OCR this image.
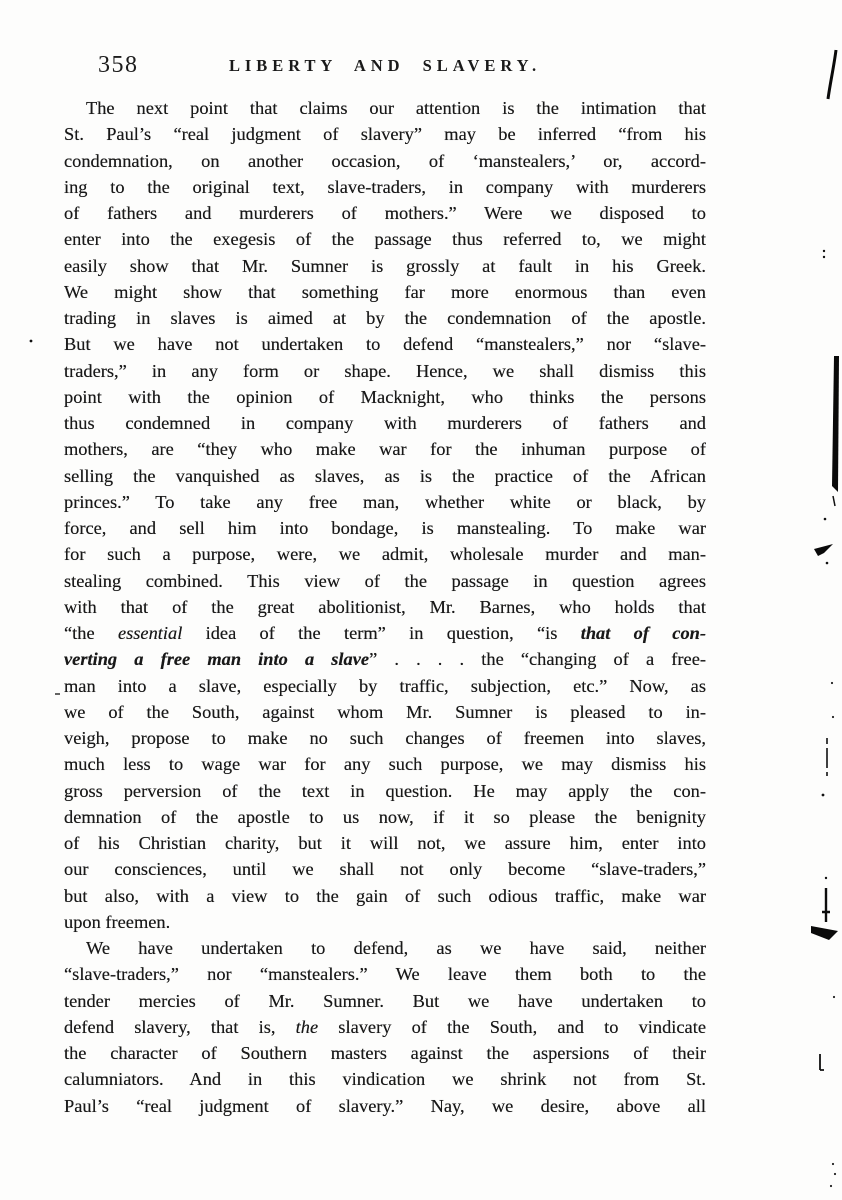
358	LIBERTY AND SLAVERY.
The next point that claims our attention is the intimation that
St. Paul’s “real judgment of slavery” may be inferred “from his
condemnation, on another occasion, of ‘manstealers,’ or, accord-
ing to the original text, slave-traders, in company with murderers
of fathers and murderers of mothers.” Were we disposed to
enter into the exegesis of the passage thus referred to, we might
easily show that Mr. Sumner is grossly at fault in his Greek.
We might show that something far more enormous than even
trading in slaves is aimed at by the condemnation of the apostle.
But we have not undertaken to defend “manstealers,” nor “slave-
traders,” in any form or shape. Hence, we shall dismiss this
point with the opinion of Macknight, who thinks the persons
thus condemned in company with murderers of fathers and
mothers, are “they who make war for the inhuman purpose of
selling the vanquished as slaves, as is the practice of the African
princes.” To take any free man, whether white or black, by
force, and sell him into bondage, is manstealing. To make war
for such a purpose, were, we admit, wholesale murder and man-
stealing combined. This view of the passage in question agrees
with that of the great abolitionist, Mr. Barnes, who holds that
“the essential idea of the term” in question, “is that of con-
verting a free man into a slave” . . . . the “changing of a free-
man into a slave, especially by traffic, subjection, etc.” Now, as
we of the South, against whom Mr. Sumner is pleased to in-
veigh, propose to make no such changes of freemen into slaves,
much less to wage war for any such purpose, we may dismiss his
gross perversion of the text in question. He may apply the con-
demnation of the apostle to us now, if it so please the benignity
of his Christian charity, but it will not, we assure him, enter into
our consciences, until we shall not only become “slave-traders,”
but also, with a view to the gain of such odious traffic, make war
upon freemen.
We have undertaken to defend, as we have said, neither
“slave-traders,” nor “manstealers.” We leave them both to the
tender mercies of Mr. Sumner. But we have undertaken to
defend slavery, that is, the slavery of the South, and to vindicate
the character of Southern masters against the aspersions of their
calumniators. And in this vindication we shrink not from St.
Paul’s “real judgment of slavery.” Nay, we desire, above all
